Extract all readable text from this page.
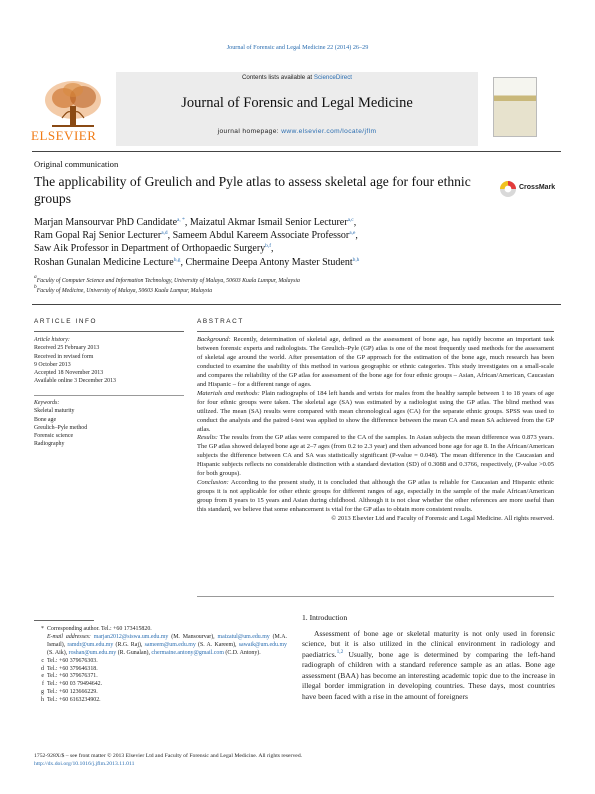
Journal of Forensic and Legal Medicine 22 (2014) 26–29
Contents lists available at ScienceDirect
Journal of Forensic and Legal Medicine
journal homepage: www.elsevier.com/locate/jflm
ELSEVIER
Original communication
The applicability of Greulich and Pyle atlas to assess skeletal age for four ethnic groups
CrossMark
Marjan Mansourvar PhD Candidate$^{a, *}$, Maizatul Akmar Ismail Senior Lecturer$^{a,c}$,
Ram Gopal Raj Senior Lecturer$^{a,d}$, Sameem Abdul Kareem Associate Professor$^{a,e}$,
Saw Aik Professor in Department of Orthopaedic Surgery$^{b,f}$,
Roshan Gunalan Medicine Lecture$^{b,g}$, Chermaine Deepa Antony Master Student$^{b,h}$
$^a$Faculty of Computer Science and Information Technology, University of Malaya, 50603 Kuala Lumpur, Malaysia
$^b$Faculty of Medicine, University of Malaya, 50603 Kuala Lumpur, Malaysia
ARTICLE INFO
Article history:
Received 25 February 2013
Received in revised form
9 October 2013
Accepted 18 November 2013
Available online 3 December 2013
Keywords:
Skeletal maturity
Bone age
Greulich–Pyle method
Forensic science
Radiography
ABSTRACT

Background: Recently, determination of skeletal age, defined as the assessment of bone age, has rapidly become an important task between forensic experts and radiologists. The Greulich–Pyle (GP) atlas is one of the most frequently used methods for the assessment of skeletal age around the world. After presentation of the GP approach for the estimation of the bone age, much research has been conducted to examine the usability of this method in various geographic or ethnic categories. This study investigates on a small-scale and compares the reliability of the GP atlas for assessment of the bone age for four ethnic groups – Asian, African/American, Caucasian and Hispanic – for a different range of ages.

Materials and methods: Plain radiographs of 184 left hands and wrists for males from the healthy sample between 1 to 18 years of age for four ethnic groups were taken. The skeletal age (SA) was estimated by a radiologist using the GP atlas. The blind method was utilized. The mean (SA) results were compared with mean chronological ages (CA) for the separate ethnic groups. SPSS was used to conduct the analysis and the paired t-test was applied to show the difference between the mean CA and mean SA achieved from the GP atlas.

Results: The results from the GP atlas were compared to the CA of the samples. In Asian subjects the mean difference was 0.873 years. The GP atlas showed delayed bone age at 2–7 ages (from 0.2 to 2.3 year) and then advanced bone age for age 8. In the African/American subjects the difference between CA and SA was statistically significant (P-value = 0.048). The mean difference in the Caucasian and Hispanic subjects reflects no considerable distinction with a standard deviation (SD) of 0.3088 and 0.3766, respectively, (P-value >0.05 for both groups).

Conclusion: According to the present study, it is concluded that although the GP atlas is reliable for Caucasian and Hispanic ethnic groups it is not applicable for other ethnic groups for different ranges of age, especially in the sample of the male African/American group from 8 years to 15 years and Asian during childhood. Although it is not clear whether the other references are more useful than this standard, we believe that some enhancement is vital for the GP atlas to obtain more consistent results.

© 2013 Elsevier Ltd and Faculty of Forensic and Legal Medicine. All rights reserved.

1. Introduction
Assessment of bone age or skeletal maturity is not only used in forensic science, but it is also utilized in the clinical environment in radiology and paediatrics.$^{1,2}$ Usually, bone age is determined by comparing the left-hand radiograph of children with a standard reference sample as an atlas. Bone age assessment (BAA) has become an interesting academic topic due to the increase in illegal border immigration in developing countries. These days, most countries have been faced with a rise in the amount of foreigners
* Corresponding author. Tel.: +60 173415820.
E-mail addresses: marjan2012@siswa.um.edu.my (M. Mansourvar), maizatul@um.edu.my (M.A. Ismail), ramdr@um.edu.my (R.G. Raj), sameem@um.edu.my (S. A. Kareem), sawaik@um.edu.my (S. Aik), roshan@um.edu.my (R. Gunalan), chermaine.antony@gmail.com (C.D. Antony).
c Tel.: +60 379676303.
d Tel.: +60 379646318.
e Tel.: +60 379676371.
f Tel.: +60 03 79494642.
g Tel.: +60 123666229.
h Tel.: +60 6163234902.
1752-928X/$ – see front matter © 2013 Elsevier Ltd and Faculty of Forensic and Legal Medicine. All rights reserved.
http://dx.doi.org/10.1016/j.jflm.2013.11.011
